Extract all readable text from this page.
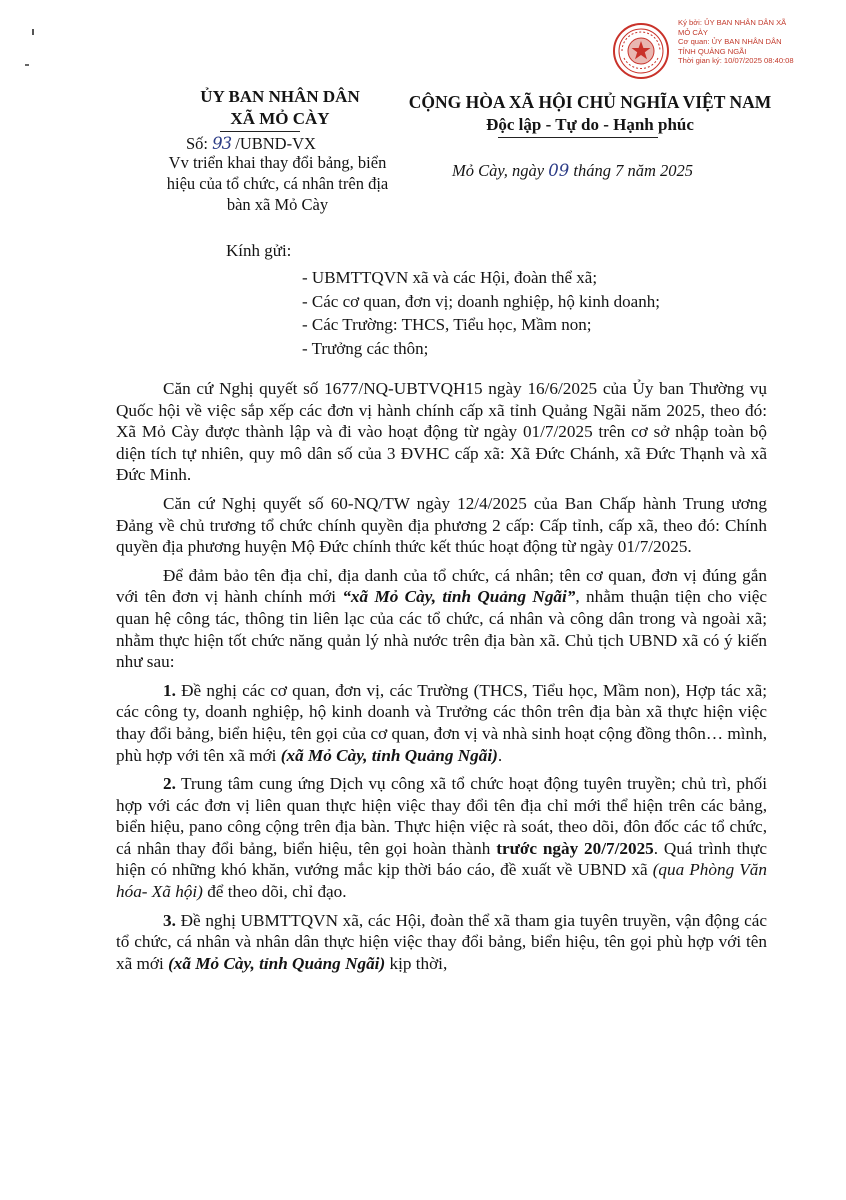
Ký bởi: ỦY BAN NHÂN DÂN XÃ
MỎ CÀY
Cơ quan: ỦY BAN NHÂN DÂN
TỈNH QUẢNG NGÃI
Thời gian ký: 10/07/2025 08:40:08
ỦY BAN NHÂN DÂN
XÃ MỎ CÀY
CỘNG HÒA XÃ HỘI CHỦ NGHĨA VIỆT NAM
Độc lập - Tự do - Hạnh phúc
Số: 93 /UBND-VX
Vv triển khai thay đổi bảng, biển hiệu của tổ chức, cá nhân trên địa bàn xã Mỏ Cày
Mỏ Cày, ngày 09 tháng 7 năm 2025
Kính gửi:
- UBMTTQVN xã và các Hội, đoàn thể xã;
- Các cơ quan, đơn vị; doanh nghiệp, hộ kinh doanh;
- Các Trường: THCS, Tiểu học, Mầm non;
- Trưởng các thôn;

Căn cứ Nghị quyết số 1677/NQ-UBTVQH15 ngày 16/6/2025 của Ủy ban Thường vụ Quốc hội về việc sắp xếp các đơn vị hành chính cấp xã tỉnh Quảng Ngãi năm 2025, theo đó: Xã Mỏ Cày được thành lập và đi vào hoạt động từ ngày 01/7/2025 trên cơ sở nhập toàn bộ diện tích tự nhiên, quy mô dân số của 3 ĐVHC cấp xã: Xã Đức Chánh, xã Đức Thạnh và xã Đức Minh.

Căn cứ Nghị quyết số 60-NQ/TW ngày 12/4/2025 của Ban Chấp hành Trung ương Đảng về chủ trương tổ chức chính quyền địa phương 2 cấp: Cấp tỉnh, cấp xã, theo đó: Chính quyền địa phương huyện Mộ Đức chính thức kết thúc hoạt động từ ngày 01/7/2025.

Để đảm bảo tên địa chỉ, địa danh của tổ chức, cá nhân; tên cơ quan, đơn vị đúng gắn với tên đơn vị hành chính mới “xã Mỏ Cày, tỉnh Quảng Ngãi”, nhằm thuận tiện cho việc quan hệ công tác, thông tin liên lạc của các tổ chức, cá nhân và công dân trong và ngoài xã; nhằm thực hiện tốt chức năng quản lý nhà nước trên địa bàn xã. Chủ tịch UBND xã có ý kiến như sau:

1. Đề nghị các cơ quan, đơn vị, các Trường (THCS, Tiểu học, Mầm non), Hợp tác xã; các công ty, doanh nghiệp, hộ kinh doanh và Trưởng các thôn trên địa bàn xã thực hiện việc thay đổi bảng, biển hiệu, tên gọi của cơ quan, đơn vị và nhà sinh hoạt cộng đồng thôn… mình, phù hợp với tên xã mới (xã Mỏ Cày, tỉnh Quảng Ngãi).

2. Trung tâm cung ứng Dịch vụ công xã tổ chức hoạt động tuyên truyền; chủ trì, phối hợp với các đơn vị liên quan thực hiện việc thay đổi tên địa chỉ mới thể hiện trên các bảng, biển hiệu, pano công cộng trên địa bàn. Thực hiện việc rà soát, theo dõi, đôn đốc các tổ chức, cá nhân thay đổi bảng, biển hiệu, tên gọi hoàn thành trước ngày 20/7/2025. Quá trình thực hiện có những khó khăn, vướng mắc kịp thời báo cáo, đề xuất về UBND xã (qua Phòng Văn hóa- Xã hội) để theo dõi, chỉ đạo.

3. Đề nghị UBMTTQVN xã, các Hội, đoàn thể xã tham gia tuyên truyền, vận động các tổ chức, cá nhân và nhân dân thực hiện việc thay đổi bảng, biển hiệu, tên gọi phù hợp với tên xã mới (xã Mỏ Cày, tỉnh Quảng Ngãi) kịp thời,
